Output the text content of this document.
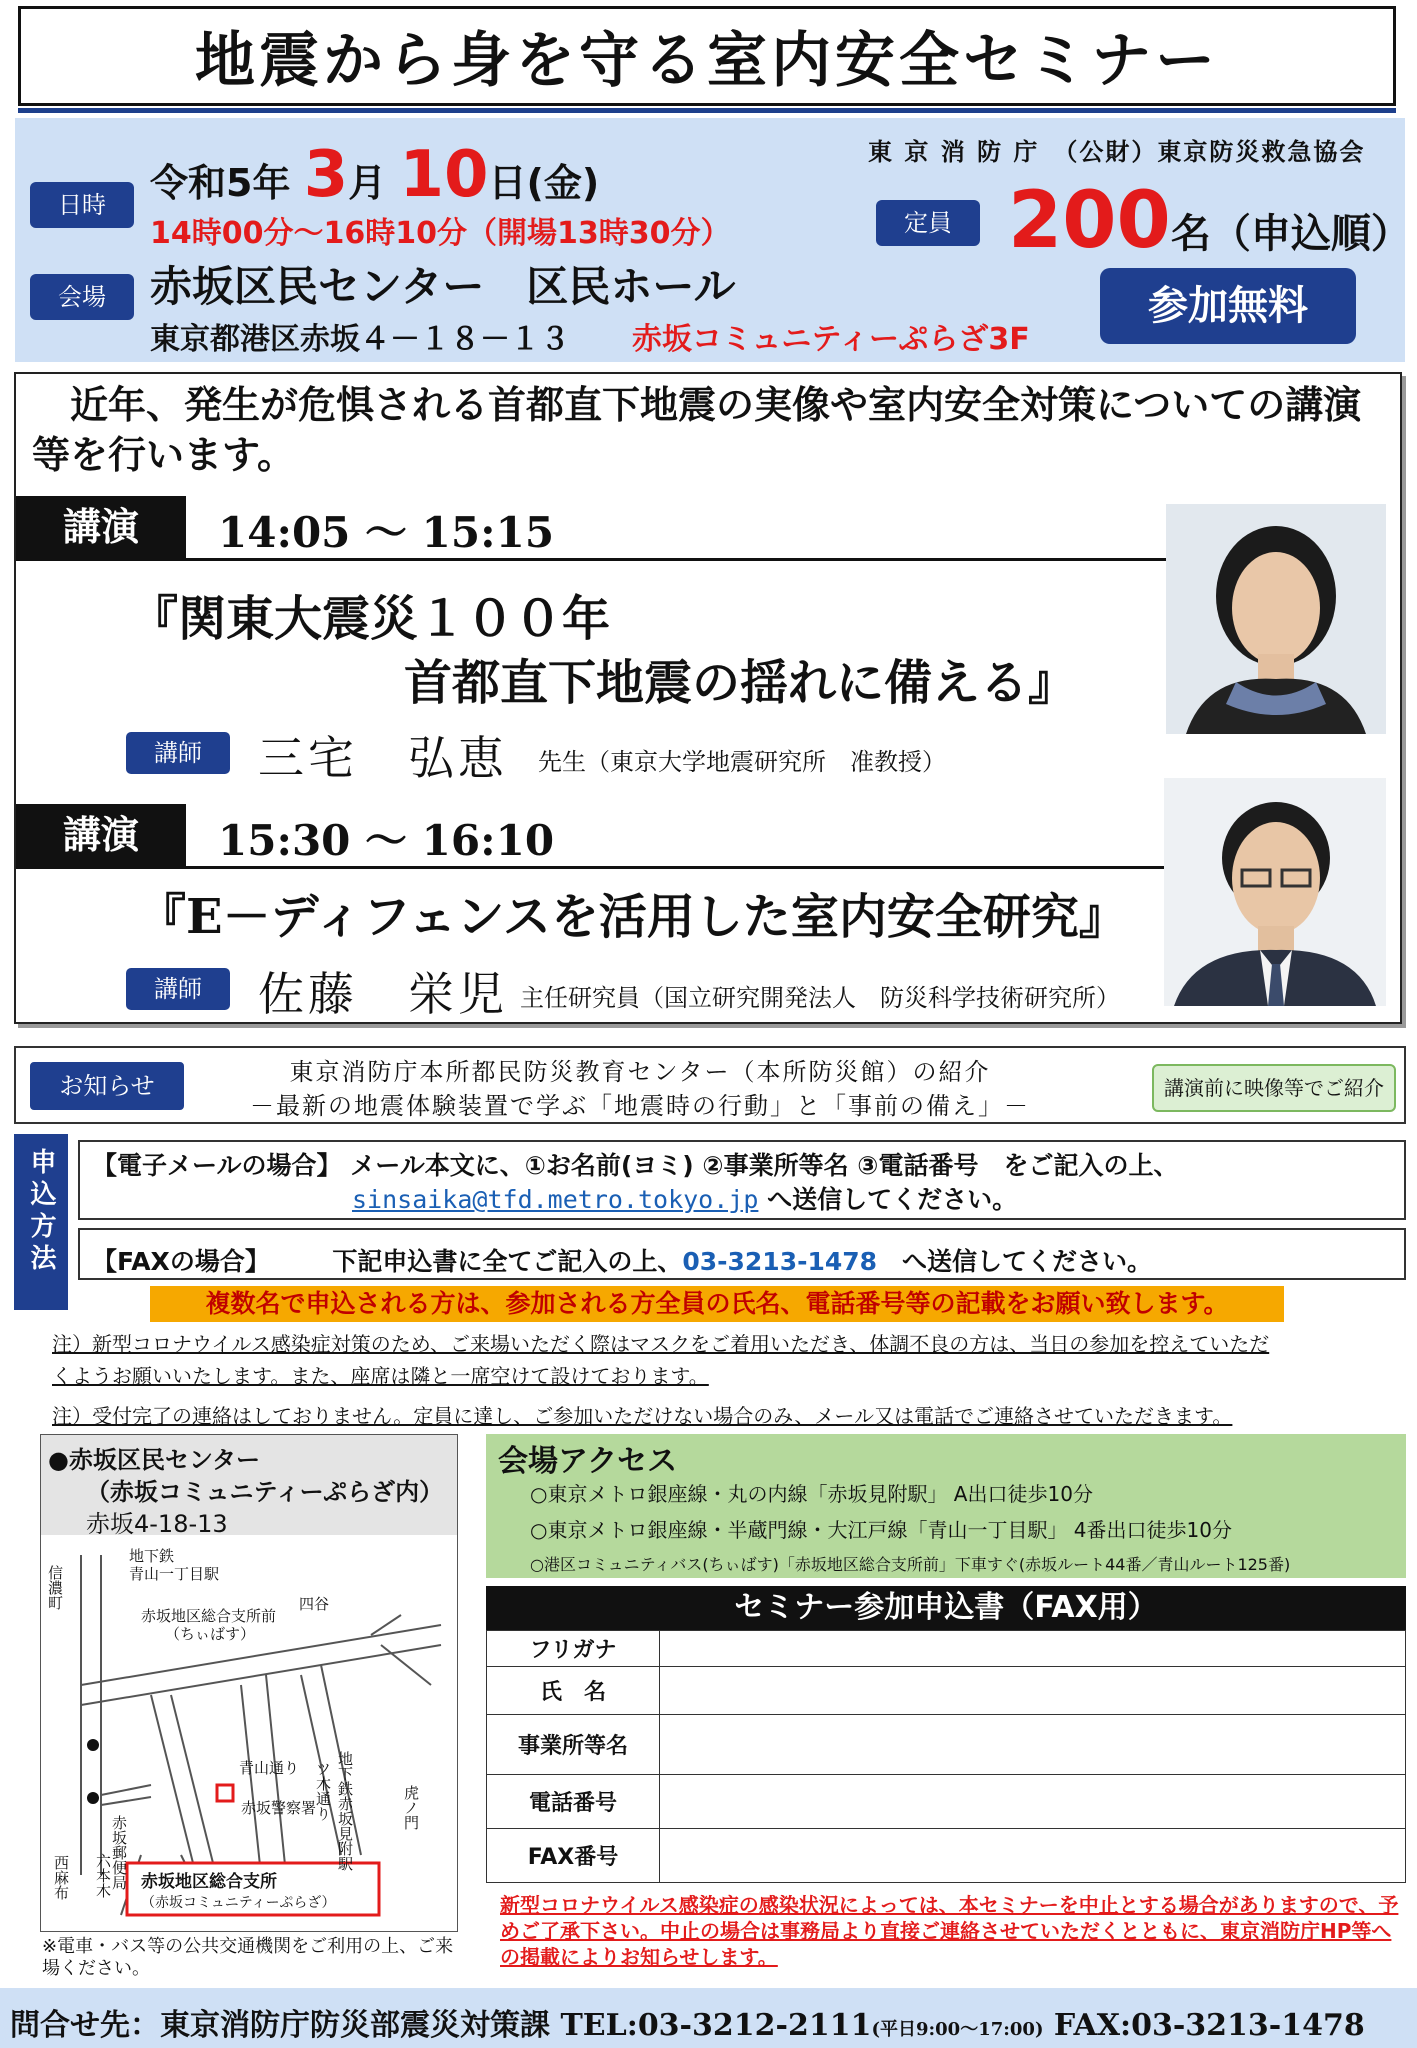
地震から身を守る室内安全セミナー
日時
会場
令和5年 3月 10日(金)
14時00分～16時10分（開場13時30分）
赤坂区民センター　区民ホール
東京都港区赤坂４－１８－１３ 赤坂コミュニティーぷらざ3F
東 京 消 防 庁　（公財）東京防災救急協会
定員 200名（申込順）
参加無料
　近年、発生が危惧される首都直下地震の実像や室内安全対策についての講演等を行います。
講演	14:05 ～ 15:15
『関東大震災１００年
首都直下地震の揺れに備える』
講師	三宅　弘恵 先生（東京大学地震研究所　准教授）
講演	15:30 ～ 16:10
『E－ディフェンスを活用した室内安全研究』
講師	佐藤　栄児 主任研究員（国立研究開発法人　防災科学技術研究所）
お知らせ	東京消防庁本所都民防災教育センター（本所防災館）の紹介
－最新の地震体験装置で学ぶ「地震時の行動」と「事前の備え」－
講演前に映像等でご紹介
申込方法	【電子メールの場合】 メール本文に、①お名前(ヨミ) ②事業所等名 ③電話番号　をご記入の上、
sinsaika@tfd.metro.tokyo.jp へ送信してください。
【FAXの場合】　　　下記申込書に全てご記入の上、03-3213-1478　へ送信してください。
複数名で申込される方は、参加される方全員の氏名、電話番号等の記載をお願い致します。
注）新型コロナウイルス感染症対策のため、ご来場いただく際はマスクをご着用いただき、体調不良の方は、当日の参加を控えていただ
くようお願いいたします。また、座席は隣と一席空けて設けております。
注）受付完了の連絡はしておりません。定員に達し、ご参加いただけない場合のみ、メール又は電話でご連絡させていただきます。
●赤坂区民センター
（赤坂コミュニティーぷらざ内）
赤坂4-18-13
信濃町
地下鉄
青山一丁目駅
四谷
赤坂地区総合支所前
（ちぃばす）
青山通り
赤坂警察署 地下鉄赤坂見附駅
ツ木通り
赤坂郵便局
虎ノ門
西麻布 六本木 赤坂地区総合支所
（赤坂コミュニティーぷらざ）
※電車・バス等の公共交通機関をご利用の上、ご来場ください。
会場アクセス
○東京メトロ銀座線・丸の内線「赤坂見附駅」 A出口徒歩10分
○東京メトロ銀座線・半蔵門線・大江戸線「青山一丁目駅」 4番出口徒歩10分
○港区コミュニティバス(ちぃばす)「赤坂地区総合支所前」下車すぐ(赤坂ルート44番／青山ルート125番)
セミナー参加申込書（FAX用）
フリガナ	
氏　名	
事業所等名	
電話番号	
FAX番号	
新型コロナウイルス感染症の感染状況によっては、本セミナーを中止とする場合がありますので、予めご了承下さい。中止の場合は事務局より直接ご連絡させていただくとともに、東京消防庁HP等への掲載によりお知らせします。
問合せ先：東京消防庁防災部震災対策課 TEL:03-3212-2111(平日9:00～17:00) FAX:03-3213-1478
